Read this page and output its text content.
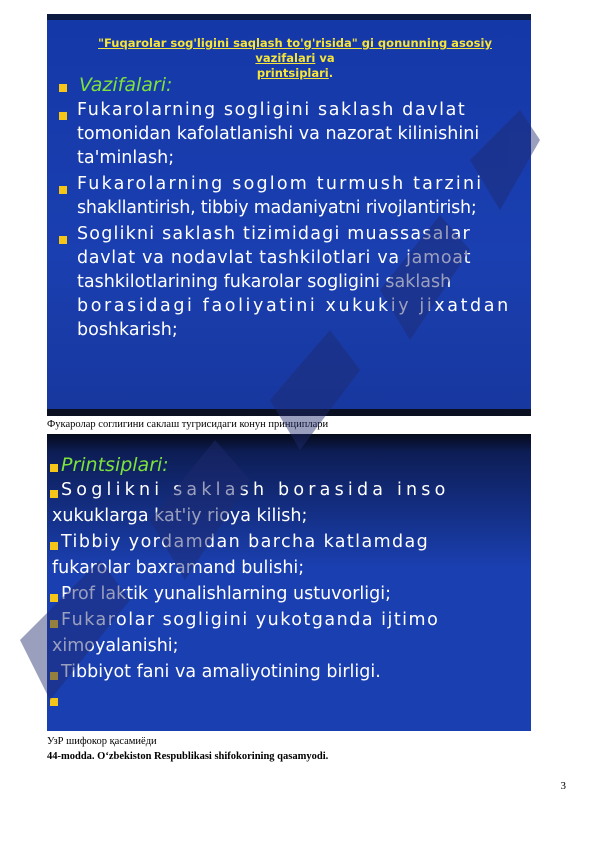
"Fuqarolar sog'ligini saqlash to'g'risida" gi qonunning asosiy vazifalari va
printsiplari.
Vazifalari:
Fukarolarning sogligini saklash davlat
tomonidan kafolatlanishi va nazorat kilinishini
ta'minlash;
Fukarolarning soglom turmush tarzini
shakllantirish, tibbiy madaniyatni rivojlantirish;
Soglikni saklash tizimidagi muassasalar
davlat va nodavlat tashkilotlari va jamoat
tashkilotlarining fukarolar sogligini saklash
borasidagi faoliyatini xukukiy jixatdan
boshkarish;
Фукаролар соглигини саклаш тугрисидаги конун принциплари
Printsiplari:
Soglikni saklash borasida inso
xukuklarga kat'iy rioya kilish;
Tibbiy yordamdan barcha katlamdag
fukarolar baxramand bulishi;
Prof laktik yunalishlarning ustuvorligi;
Fukarolar sogligini yukotganda ijtimo
ximoyalanishi;
Tibbiyot fani va amaliyotining birligi.
УзР шифокор қасамиёди
44-modda. O‘zbekiston Respublikasi shifokorining qasamyodi.
3
